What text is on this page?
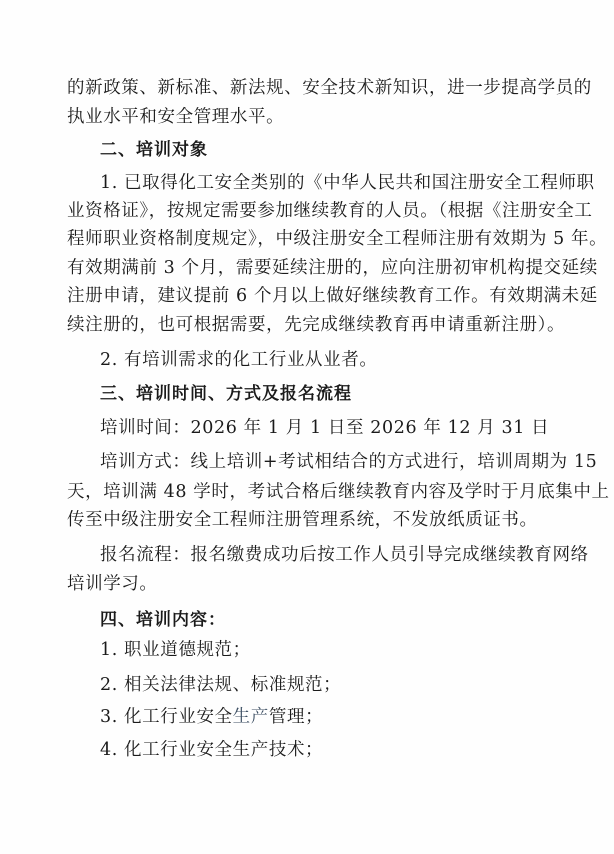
的新政策、新标准、新法规、安全技术新知识，进一步提高学员的
执业水平和安全管理水平。
二、培训对象
1. 已取得化工安全类别的《中华人民共和国注册安全工程师职
业资格证》，按规定需要参加继续教育的人员。（根据《注册安全工
程师职业资格制度规定》，中级注册安全工程师注册有效期为 5 年。
有效期满前 3 个月，需要延续注册的，应向注册初审机构提交延续
注册申请，建议提前 6 个月以上做好继续教育工作。有效期满未延
续注册的，也可根据需要，先完成继续教育再申请重新注册）。
2. 有培训需求的化工行业从业者。
三、培训时间、方式及报名流程
培训时间：2026 年 1 月 1 日至 2026 年 12 月 31 日
培训方式：线上培训+考试相结合的方式进行，培训周期为 15
天，培训满 48 学时，考试合格后继续教育内容及学时于月底集中上
传至中级注册安全工程师注册管理系统，不发放纸质证书。
报名流程：报名缴费成功后按工作人员引导完成继续教育网络
培训学习。
四、培训内容：
1. 职业道德规范；
2. 相关法律法规、标准规范；
3. 化工行业安全生产管理；
4. 化工行业安全生产技术；
